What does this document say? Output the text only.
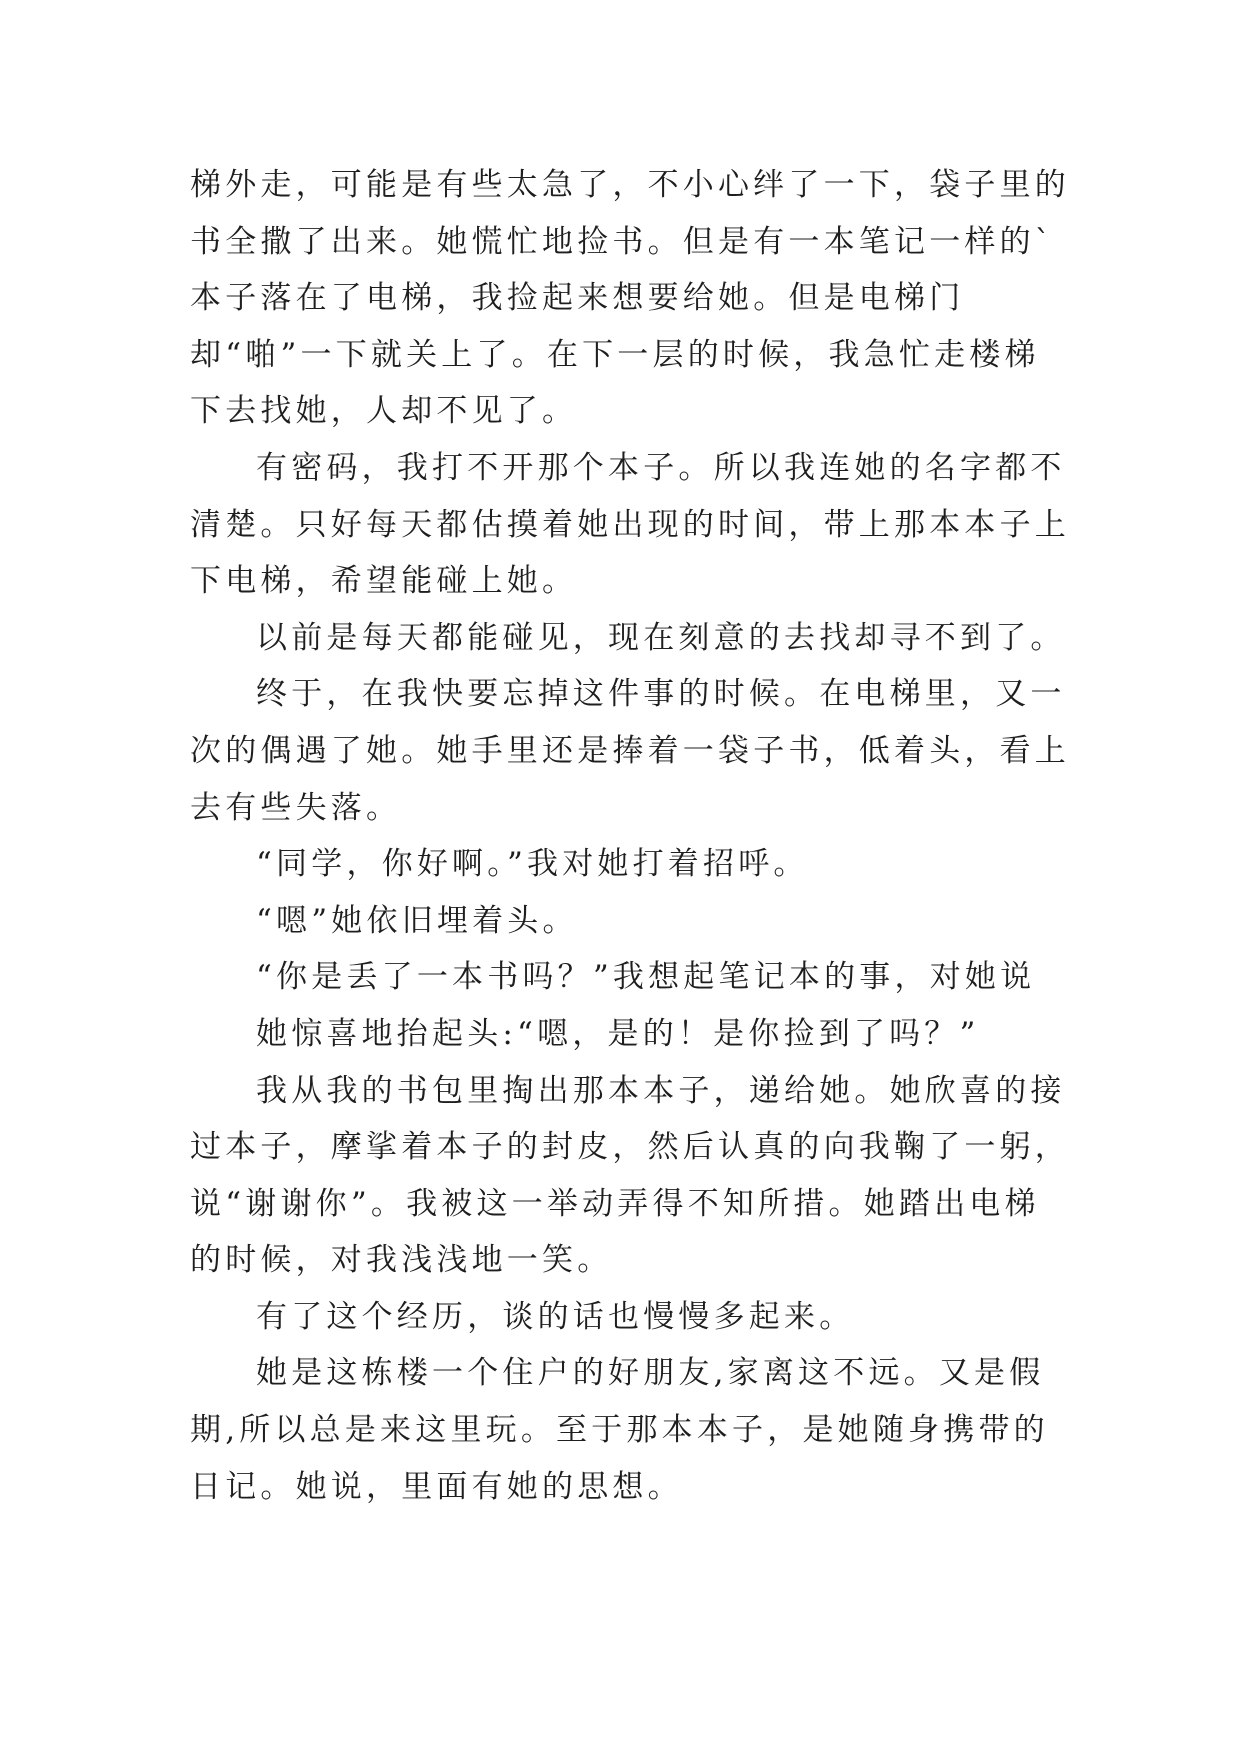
梯外走，可能是有些太急了，不小心绊了一下，袋子里的书全撒了出来。她慌忙地捡书。但是有一本笔记一样的`本子落在了电梯，我捡起来想要给她。但是电梯门却“啪”一下就关上了。在下一层的时候，我急忙走楼梯下去找她，人却不见了。

有密码，我打不开那个本子。所以我连她的名字都不清楚。只好每天都估摸着她出现的时间，带上那本本子上下电梯，希望能碰上她。

以前是每天都能碰见，现在刻意的去找却寻不到了。

终于，在我快要忘掉这件事的时候。在电梯里，又一次的偶遇了她。她手里还是捧着一袋子书，低着头，看上去有些失落。

“同学，你好啊。”我对她打着招呼。

“嗯”她依旧埋着头。

“你是丢了一本书吗？”我想起笔记本的事，对她说

她惊喜地抬起头:“嗯，是的！是你捡到了吗？”

我从我的书包里掏出那本本子，递给她。她欣喜的接过本子，摩挲着本子的封皮，然后认真的向我鞠了一躬，说“谢谢你”。我被这一举动弄得不知所措。她踏出电梯的时候，对我浅浅地一笑。

有了这个经历，谈的话也慢慢多起来。

她是这栋楼一个住户的好朋友,家离这不远。又是假期,所以总是来这里玩。至于那本本子，是她随身携带的日记。她说，里面有她的思想。
